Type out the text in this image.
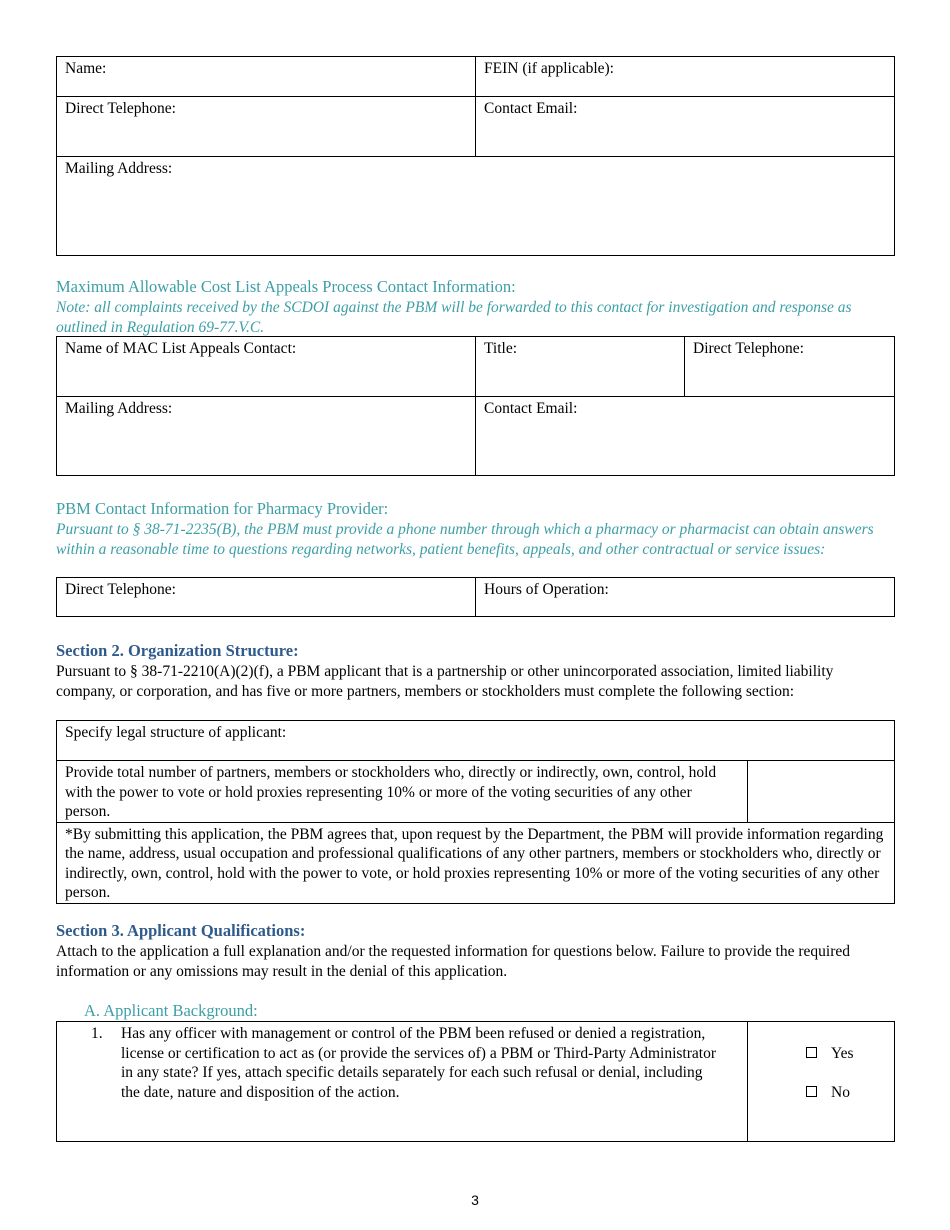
Name:	FEIN (if applicable):
Direct Telephone:	Contact Email:
Mailing Address:	
Maximum Allowable Cost List Appeals Process Contact Information:
Note: all complaints received by the SCDOI against the PBM will be forwarded to this contact for investigation and response as outlined in Regulation 69-77.V.C.
Name of MAC List Appeals Contact:	Title:	Direct Telephone:
Mailing Address:	Contact Email:	
PBM Contact Information for Pharmacy Provider:
Pursuant to § 38-71-2235(B), the PBM must provide a phone number through which a pharmacy or pharmacist can obtain answers within a reasonable time to questions regarding networks, patient benefits, appeals, and other contractual or service issues:
Direct Telephone:	Hours of Operation:
Section 2. Organization Structure:
Pursuant to § 38-71-2210(A)(2)(f), a PBM applicant that is a partnership or other unincorporated association, limited liability company, or corporation, and has five or more partners, members or stockholders must complete the following section:
Specify legal structure of applicant:
Provide total number of partners, members or stockholders who, directly or indirectly, own, control, hold with the power to vote or hold proxies representing 10% or more of the voting securities of any other person.	
*By submitting this application, the PBM agrees that, upon request by the Department, the PBM will provide information regarding the name, address, usual occupation and professional qualifications of any other partners, members or stockholders who, directly or indirectly, own, control, hold with the power to vote, or hold proxies representing 10% or more of the voting securities of any other person.
Section 3. Applicant Qualifications:
Attach to the application a full explanation and/or the requested information for questions below. Failure to provide the required information or any omissions may result in the denial of this application.
A. Applicant Background:
1. Has any officer with management or control of the PBM been refused or denied a registration, license or certification to act as (or provide the services of) a PBM or Third-Party Administrator in any state? If yes, attach specific details separately for each such refusal or denial, including the date, nature and disposition of the action.

Yes
No
3
